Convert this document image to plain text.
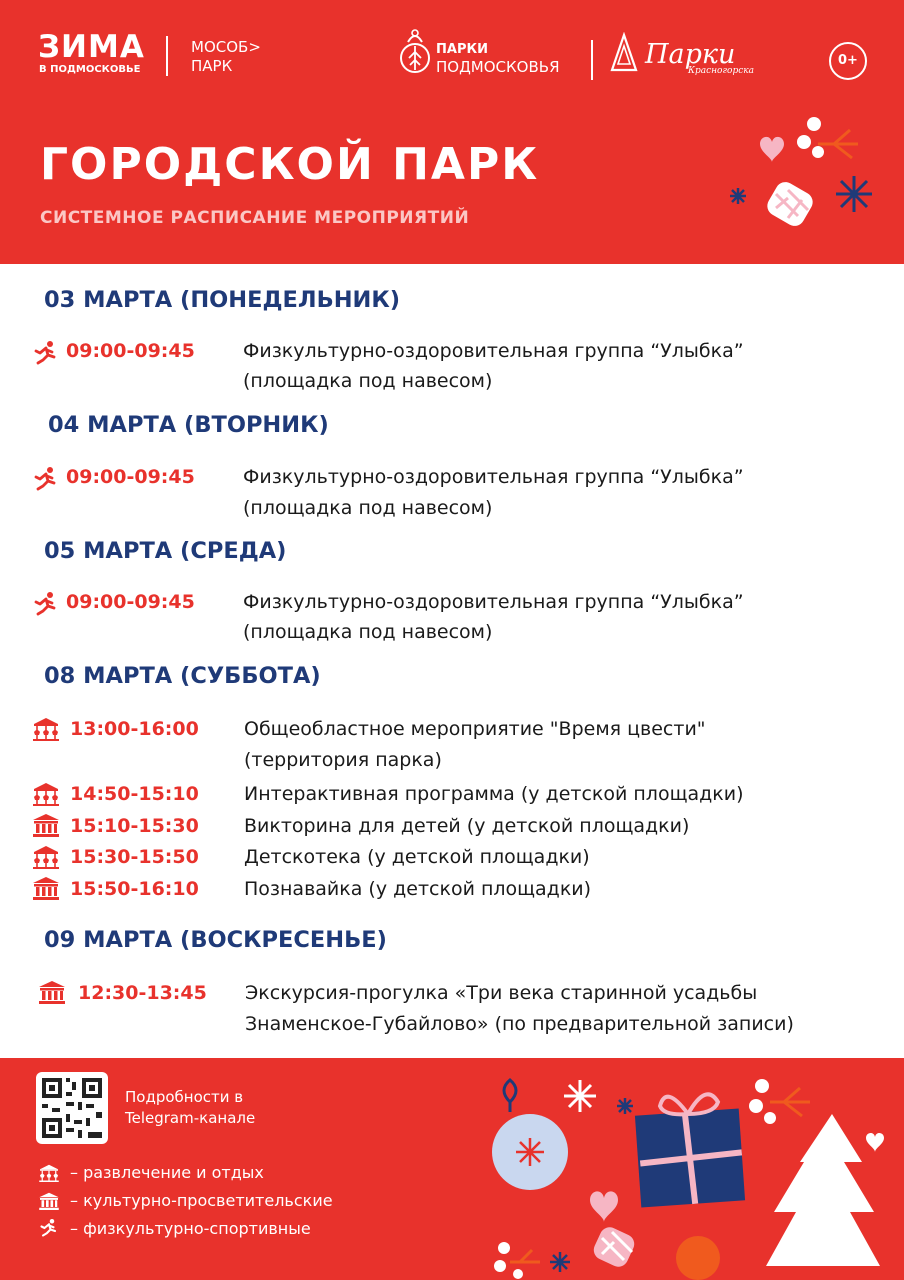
ЗИМА
В ПОДМОСКОВЬЕ
МОСОБ>
ПАРК
ПАРКИ
ПОДМОСКОВЬЯ	Парки
Красногорска
0+
ГОРОДСКОЙ ПАРК
СИСТЕМНОЕ РАСПИСАНИЕ МЕРОПРИЯТИЙ
03 МАРТА (ПОНЕДЕЛЬНИК)
09:00-09:45	Физкультурно-оздоровительная группа “Улыбка”
(площадка под навесом)
04 МАРТА (ВТОРНИК)
09:00-09:45	Физкультурно-оздоровительная группа “Улыбка”
(площадка под навесом)
05 МАРТА (СРЕДА)
09:00-09:45	Физкультурно-оздоровительная группа “Улыбка”
(площадка под навесом)
08 МАРТА (СУББОТА)
13:00-16:00 Общеобластное мероприятие "Время цвести"
(территория парка)
14:50-15:10 Интерактивная программа (у детской площадки)
15:10-15:30 Викторина для детей (у детской площадки)
15:30-15:50 Детскотека (у детской площадки)
15:50-16:10 Познавайка (у детской площадки)
09 МАРТА (ВОСКРЕСЕНЬЕ)
12:30-13:45 Экскурсия-прогулка «Три века старинной усадьбы
Знаменское-Губайлово» (по предварительной записи)
Подробности в
Telegram-канале
– развлечение и отдых
– культурно-просветительские
– физкультурно-спортивные
